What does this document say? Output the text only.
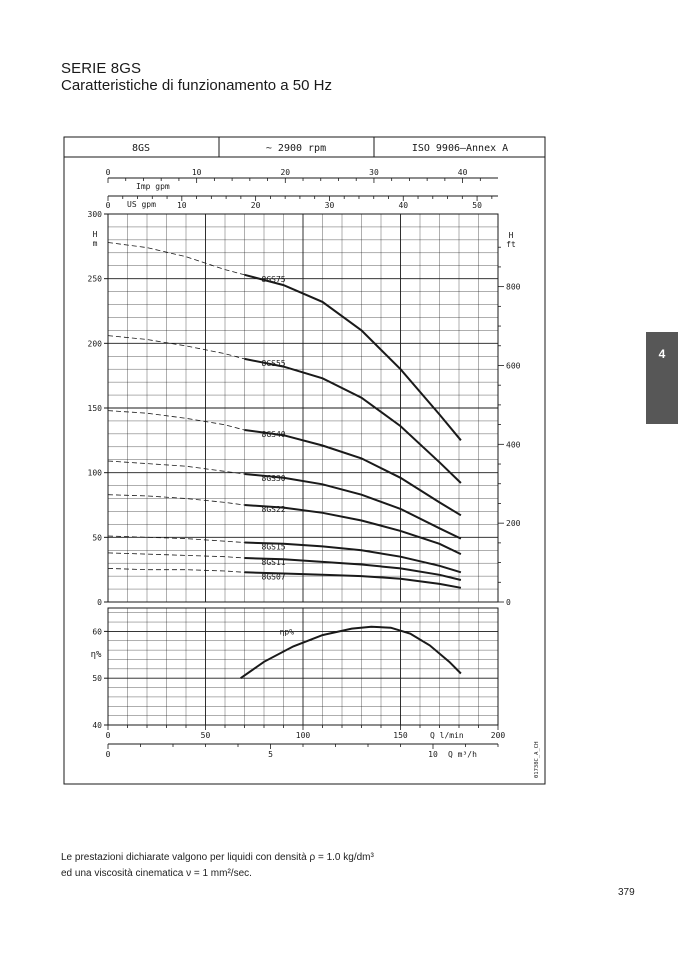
SERIE 8GS
Caratteristiche di funzionamento a 50 Hz
4
8GS	~ 2900 rpm	ISO 9906–Annex A
Imp gpm
US gpm
H
m
H
ft
η%
Q l/min
Q m³/h	01738C_A_CH
0
50
100
150
200
250
300
0
200
400
600
800
0	10	20	30	40	50
0	10	20	30	40
40
50
60
0	50	100	150	200
0	5	10
8GS75
8GS55
8GS40
8GS30
8GS22
8GS15
8GS11
8GS07
ηp%
Le prestazioni dichiarate valgono per liquidi con densità ρ = 1.0 kg/dm³
ed una viscosità cinematica ν = 1 mm²/sec.
379
